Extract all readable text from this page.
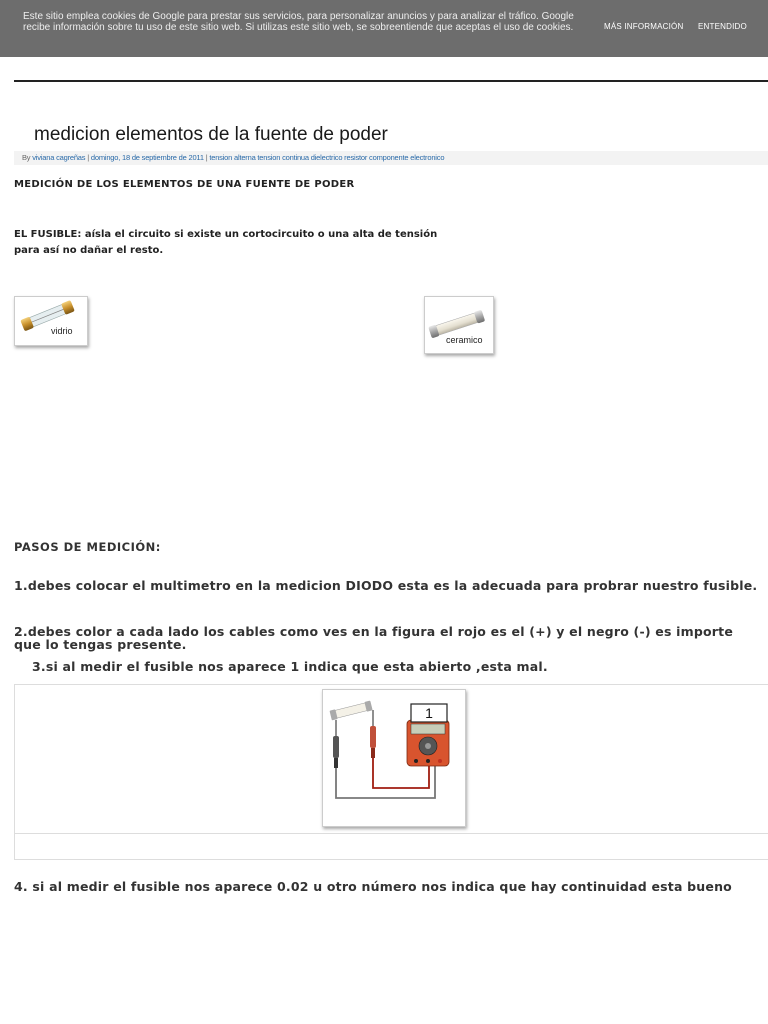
Este sitio emplea cookies de Google para prestar sus servicios, para personalizar anuncios y para analizar el tráfico. Google recibe información sobre tu uso de este sitio web. Si utilizas este sitio web, se sobreentiende que aceptas el uso de cookies.	MÁS INFORMACIÓN ENTENDIDO
medicion elementos de la fuente de poder
By viviana cagreñas | domingo, 18 de septiembre de 2011 | tension alterna tension continua dielectrico resistor componente electronico
MEDICIÓN DE LOS ELEMENTOS DE UNA FUENTE DE PODER
EL FUSIBLE: aísla el circuito si existe un cortocircuito o una alta de tensión
para así no dañar el resto.
vidrio
ceramico
PASOS DE MEDICIÓN:
1.debes colocar el multimetro en la medicion DIODO esta es la adecuada para probrar nuestro fusible.
2.debes color a cada lado los cables como ves en la figura el rojo es el (+) y el negro (-) es importe
que lo tengas presente.
3.si al medir el fusible nos aparece 1 indica que esta abierto ,esta mal.
1
4. si al medir el fusible nos aparece 0.02 u otro número nos indica que hay continuidad esta bueno
